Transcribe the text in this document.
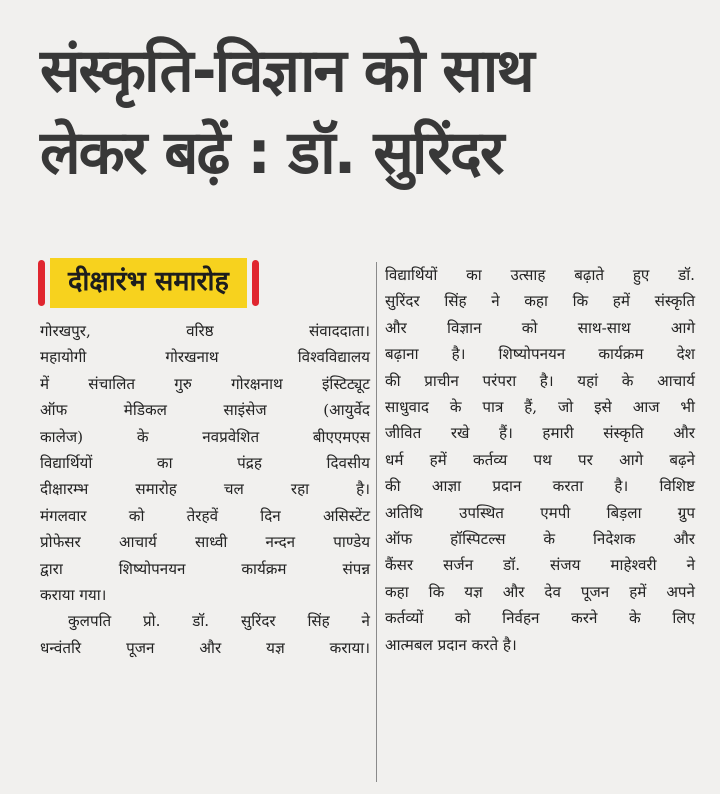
संस्कृति-विज्ञान को साथ
लेकर बढ़ें : डॉ. सुरिंदर
दीक्षारंभ समारोह

गोरखपुर, वरिष्ठ संवाददाता।

महायोगी गोरखनाथ विश्वविद्यालय

में संचालित गुरु गोरक्षनाथ इंस्टिट्यूट

ऑफ मेडिकल साइंसेज (आयुर्वेद

कालेज) के नवप्रवेशित बीएएमएस

विद्यार्थियों का पंद्रह दिवसीय

दीक्षारम्भ समारोह चल रहा है।

मंगलवार को तेरहवें दिन असिस्टेंट

प्रोफेसर आचार्य साध्वी नन्दन पाण्डेय

द्वारा शिष्योपनयन कार्यक्रम संपन्न

कराया गया।

कुलपति प्रो. डॉ. सुरिंदर सिंह ने

धन्वंतरि पूजन और यज्ञ कराया।

विद्यार्थियों का उत्साह बढ़ाते हुए डॉ.

सुरिंदर सिंह ने कहा कि हमें संस्कृति

और विज्ञान को साथ-साथ आगे

बढ़ाना है। शिष्योपनयन कार्यक्रम देश

की प्राचीन परंपरा है। यहां के आचार्य

साधुवाद के पात्र हैं, जो इसे आज भी

जीवित रखे हैं। हमारी संस्कृति और

धर्म हमें कर्तव्य पथ पर आगे बढ़ने

की आज्ञा प्रदान करता है। विशिष्ट

अतिथि उपस्थित एमपी बिड़ला ग्रुप

ऑफ हॉस्पिटल्स के निदेशक और

कैंसर सर्जन डॉ. संजय माहेश्वरी ने

कहा कि यज्ञ और देव पूजन हमें अपने

कर्तव्यों को निर्वहन करने के लिए

आत्मबल प्रदान करते है।
